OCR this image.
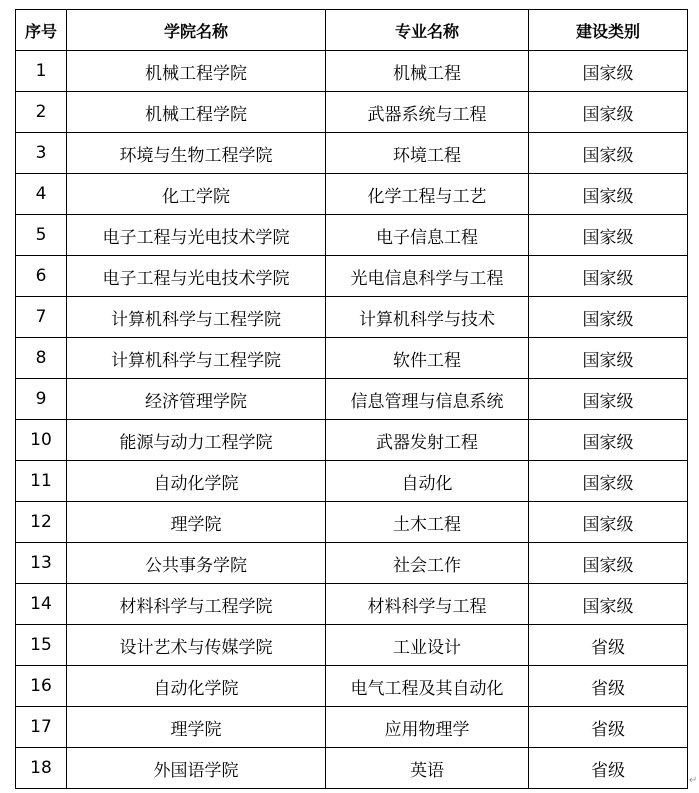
序号	学院名称	专业名称	建设类别
1	机械工程学院	机械工程	国家级
2	机械工程学院	武器系统与工程	国家级
3	环境与生物工程学院	环境工程	国家级
4	化工学院	化学工程与工艺	国家级
5	电子工程与光电技术学院	电子信息工程	国家级
6	电子工程与光电技术学院	光电信息科学与工程	国家级
7	计算机科学与工程学院	计算机科学与技术	国家级
8	计算机科学与工程学院	软件工程	国家级
9	经济管理学院	信息管理与信息系统	国家级
10	能源与动力工程学院	武器发射工程	国家级
11	自动化学院	自动化	国家级
12	理学院	土木工程	国家级
13	公共事务学院	社会工作	国家级
14	材料科学与工程学院	材料科学与工程	国家级
15	设计艺术与传媒学院	工业设计	省级
16	自动化学院	电气工程及其自动化	省级
17	理学院	应用物理学	省级
18	外国语学院	英语	省级	↵
